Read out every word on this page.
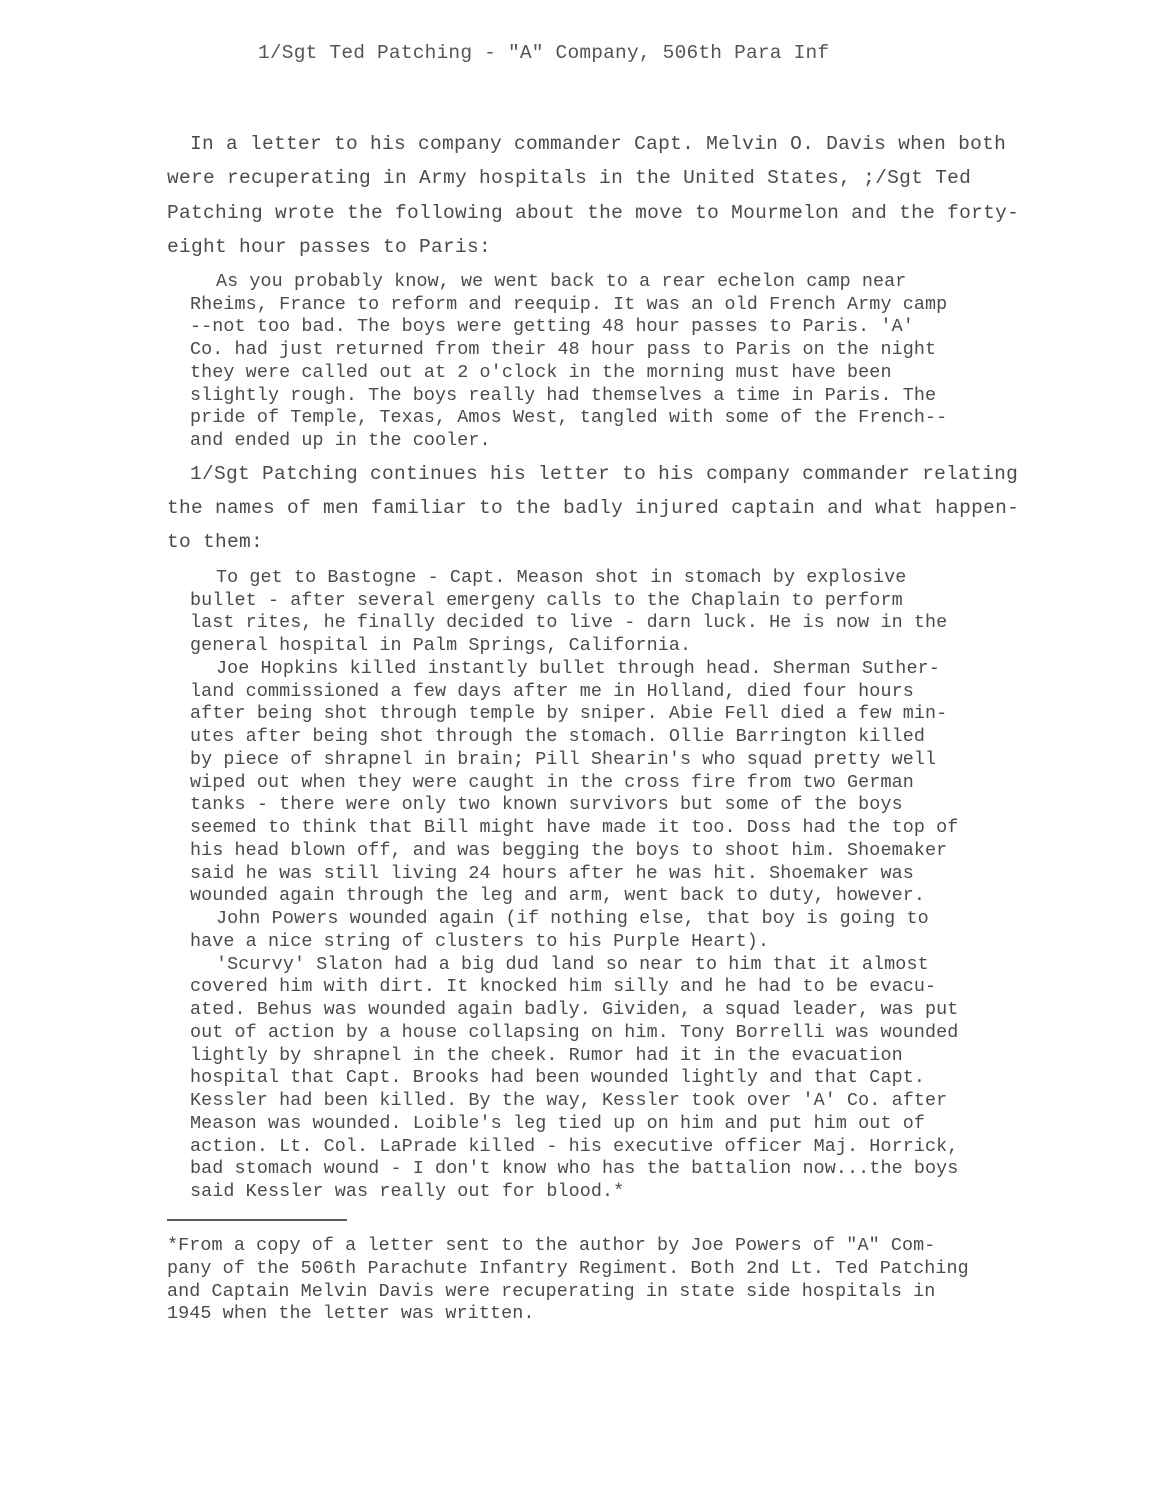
1/Sgt Ted Patching - "A" Company, 506th Para Inf
In a letter to his company commander Capt. Melvin O. Davis when both
were recuperating in Army hospitals in the United States, ;/Sgt Ted
Patching wrote the following about the move to Mourmelon and the forty-
eight hour passes to Paris:
As you probably know, we went back to a rear echelon camp near
Rheims, France to reform and reequip. It was an old French Army camp
--not too bad. The boys were getting 48 hour passes to Paris. 'A'
Co. had just returned from their 48 hour pass to Paris on the night
they were called out at 2 o'clock in the morning must have been
slightly rough. The boys really had themselves a time in Paris. The
pride of Temple, Texas, Amos West, tangled with some of the French--
and ended up in the cooler.
1/Sgt Patching continues his letter to his company commander relating
the names of men familiar to the badly injured captain and what happen-
to them:
To get to Bastogne - Capt. Meason shot in stomach by explosive
bullet - after several emergeny calls to the Chaplain to perform
last rites, he finally decided to live - darn luck. He is now in the
general hospital in Palm Springs, California.
Joe Hopkins killed instantly bullet through head. Sherman Suther-
land commissioned a few days after me in Holland, died four hours
after being shot through temple by sniper. Abie Fell died a few min-
utes after being shot through the stomach. Ollie Barrington killed
by piece of shrapnel in brain; Pill Shearin's who squad pretty well
wiped out when they were caught in the cross fire from two German
tanks - there were only two known survivors but some of the boys
seemed to think that Bill might have made it too. Doss had the top of
his head blown off, and was begging the boys to shoot him. Shoemaker
said he was still living 24 hours after he was hit. Shoemaker was
wounded again through the leg and arm, went back to duty, however.
John Powers wounded again (if nothing else, that boy is going to
have a nice string of clusters to his Purple Heart).
'Scurvy' Slaton had a big dud land so near to him that it almost
covered him with dirt. It knocked him silly and he had to be evacu-
ated. Behus was wounded again badly. Gividen, a squad leader, was put
out of action by a house collapsing on him. Tony Borrelli was wounded
lightly by shrapnel in the cheek. Rumor had it in the evacuation
hospital that Capt. Brooks had been wounded lightly and that Capt.
Kessler had been killed. By the way, Kessler took over 'A' Co. after
Meason was wounded. Loible's leg tied up on him and put him out of
action. Lt. Col. LaPrade killed - his executive officer Maj. Horrick,
bad stomach wound - I don't know who has the battalion now...the boys
said Kessler was really out for blood.*
*From a copy of a letter sent to the author by Joe Powers of "A" Com-
pany of the 506th Parachute Infantry Regiment. Both 2nd Lt. Ted Patching
and Captain Melvin Davis were recuperating in state side hospitals in
1945 when the letter was written.
